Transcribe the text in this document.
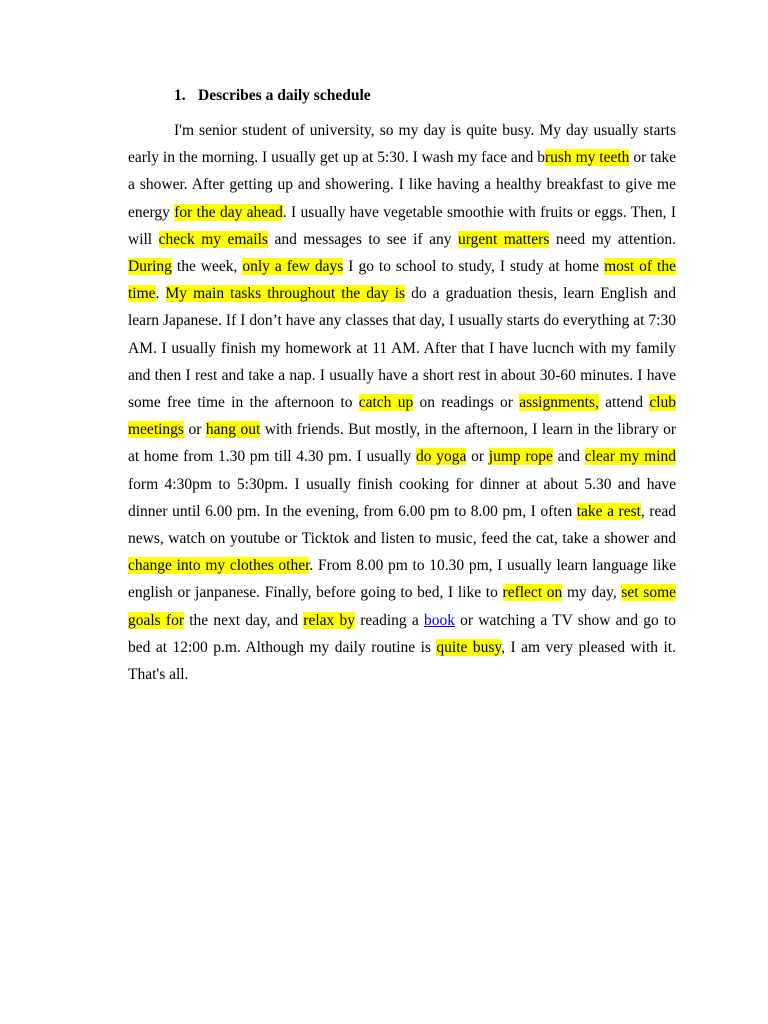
1. Describes a daily schedule

I'm senior student of university, so my day is quite busy. My day usually starts early in the morning. I usually get up at 5:30. I wash my face and brush my teeth or take a shower. After getting up and showering. I like having a healthy breakfast to give me energy for the day ahead. I usually have vegetable smoothie with fruits or eggs. Then, I will check my emails and messages to see if any urgent matters need my attention. During the week, only a few days I go to school to study, I study at home most of the time. My main tasks throughout the day is do a graduation thesis, learn English and learn Japanese. If I don’t have any classes that day, I usually starts do everything at 7:30 AM. I usually finish my homework at 11 AM. After that I have lucnch with my family and then I rest and take a nap. I usually have a short rest in about 30-60 minutes. I have some free time in the afternoon to catch up on readings or assignments, attend club meetings or hang out with friends. But mostly, in the afternoon, I learn in the library or at home from 1.30 pm till 4.30 pm. I usually do yoga or jump rope and clear my mind form 4:30pm to 5:30pm. I usually finish cooking for dinner at about 5.30 and have dinner until 6.00 pm. In the evening, from 6.00 pm to 8.00 pm, I often take a rest, read news, watch on youtube or Ticktok and listen to music, feed the cat, take a shower and change into my clothes other. From 8.00 pm to 10.30 pm, I usually learn language like english or janpanese. Finally, before going to bed, I like to reflect on my day, set some goals for the next day, and relax by reading a book or watching a TV show and go to bed at 12:00 p.m. Although my daily routine is quite busy, I am very pleased with it. That's all.
